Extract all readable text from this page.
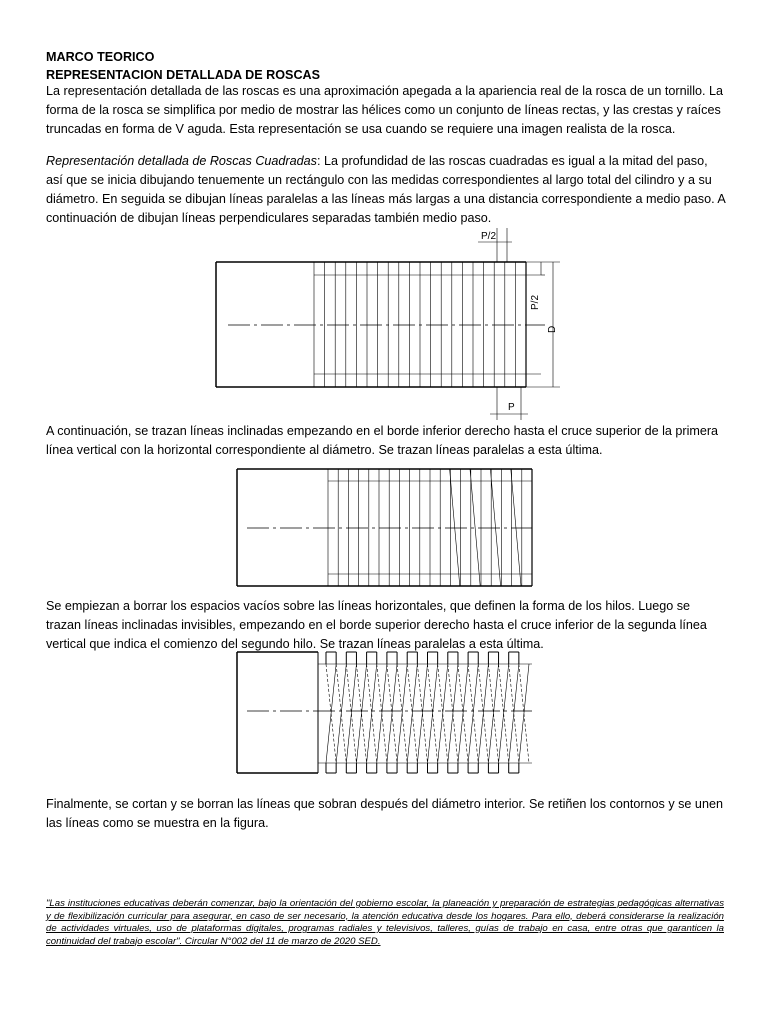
MARCO TEORICO
REPRESENTACION DETALLADA DE ROSCAS
La representación detallada de las roscas es una aproximación apegada a la apariencia real de la rosca de un tornillo. La forma de la rosca se simplifica por medio de mostrar las hélices como un conjunto de líneas rectas, y las crestas y raíces truncadas en forma de V aguda. Esta representación se usa cuando se requiere una imagen realista de la rosca.
Representación detallada de Roscas Cuadradas: La profundidad de las roscas cuadradas es igual a la mitad del paso, así que se inicia dibujando tenuemente un rectángulo con las medidas correspondientes al largo total del cilindro y a su diámetro. En seguida se dibujan líneas paralelas a las líneas más largas a una distancia correspondiente a medio paso. A continuación de dibujan líneas perpendiculares separadas también medio paso.
P/2
P/2
D
P
A continuación, se trazan líneas inclinadas empezando en el borde inferior derecho hasta el cruce superior de la primera línea vertical con la horizontal correspondiente al diámetro. Se trazan líneas paralelas a esta última.
Se empiezan a borrar los espacios vacíos sobre las líneas horizontales, que definen la forma de los hilos. Luego se trazan líneas inclinadas invisibles, empezando en el borde superior derecho hasta el cruce inferior de la segunda línea vertical que indica el comienzo del segundo hilo. Se trazan líneas paralelas a esta última.
Finalmente, se cortan y se borran las líneas que sobran después del diámetro interior. Se retiñen los contornos y se unen las líneas como se muestra en la figura.
"Las instituciones educativas deberán comenzar, bajo la orientación del gobierno escolar, la planeación y preparación de estrategias pedagógicas alternativas y de flexibilización curricular para asegurar, en caso de ser necesario, la atención educativa desde los hogares. Para ello, deberá considerarse la realización de actividades virtuales, uso de plataformas digitales, programas radiales y televisivos, talleres, guías de trabajo en casa, entre otras que garanticen la continuidad del trabajo escolar". Circular N°002 del 11 de marzo de 2020 SED.
